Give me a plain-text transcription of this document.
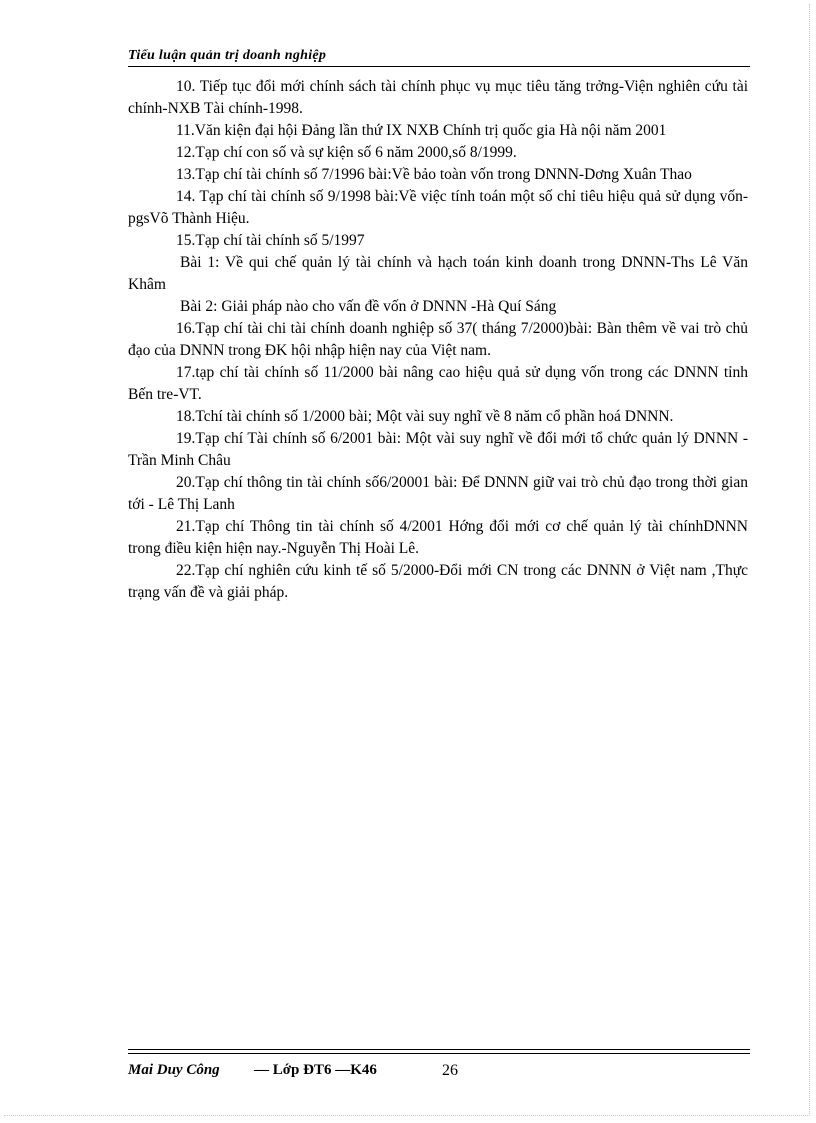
Tiểu luận quản trị doanh nghiệp

10. Tiếp tục đổi mới chính sách tài chính phục vụ mục tiêu tăng trởng-Viện nghiên cứu tài chính-NXB Tài chính-1998.

11.Văn kiện đại hội Đảng lần thứ IX NXB Chính trị quốc gia Hà nội năm 2001

12.Tạp chí con số và sự kiện số 6 năm 2000,số 8/1999.

13.Tạp chí tài chính số 7/1996 bài:Về bảo toàn vốn trong DNNN-Dơng Xuân Thao

14. Tạp chí tài chính số 9/1998 bài:Về việc tính toán một số chỉ tiêu hiệu quả sử dụng vốn-pgsVõ Thành Hiệu.

15.Tạp chí tài chính số 5/1997

Bài 1: Về qui chế quản lý tài chính và hạch toán kinh doanh trong DNNN-Ths Lê Văn Khâm

Bài 2: Giải pháp nào cho vấn đề vốn ở DNNN -Hà Quí Sáng

16.Tạp chí tài chi tài chính doanh nghiệp số 37( tháng 7/2000)bài: Bàn thêm về vai trò chủ đạo của DNNN trong ĐK hội nhập hiện nay của Việt nam.

17.tạp chí tài chính số 11/2000 bài nâng cao hiệu quả sử dụng vốn trong các DNNN tỉnh Bến tre-VT.

18.Tchí tài chính số 1/2000 bài; Một vài suy nghĩ về 8 năm cổ phần hoá DNNN.

19.Tạp chí Tài chính số 6/2001 bài: Một vài suy nghĩ về đổi mới tổ chức quản lý DNNN - Trần Minh Châu

20.Tạp chí thông tin tài chính số6/20001 bài: Để DNNN giữ vai trò chủ đạo trong thời gian tới - Lê Thị Lanh

21.Tạp chí Thông tin tài chính số 4/2001 Hớng đổi mới cơ chế quản lý tài chínhDNNN trong điều kiện hiện nay.-Nguyễn Thị Hoài Lê.

22.Tạp chí nghiên cứu kinh tế số 5/2000-Đổi mới CN trong các DNNN ở Việt nam ,Thực trạng vấn đề và giải pháp.

Mai Duy Công — Lớp ĐT6 —K46	26
